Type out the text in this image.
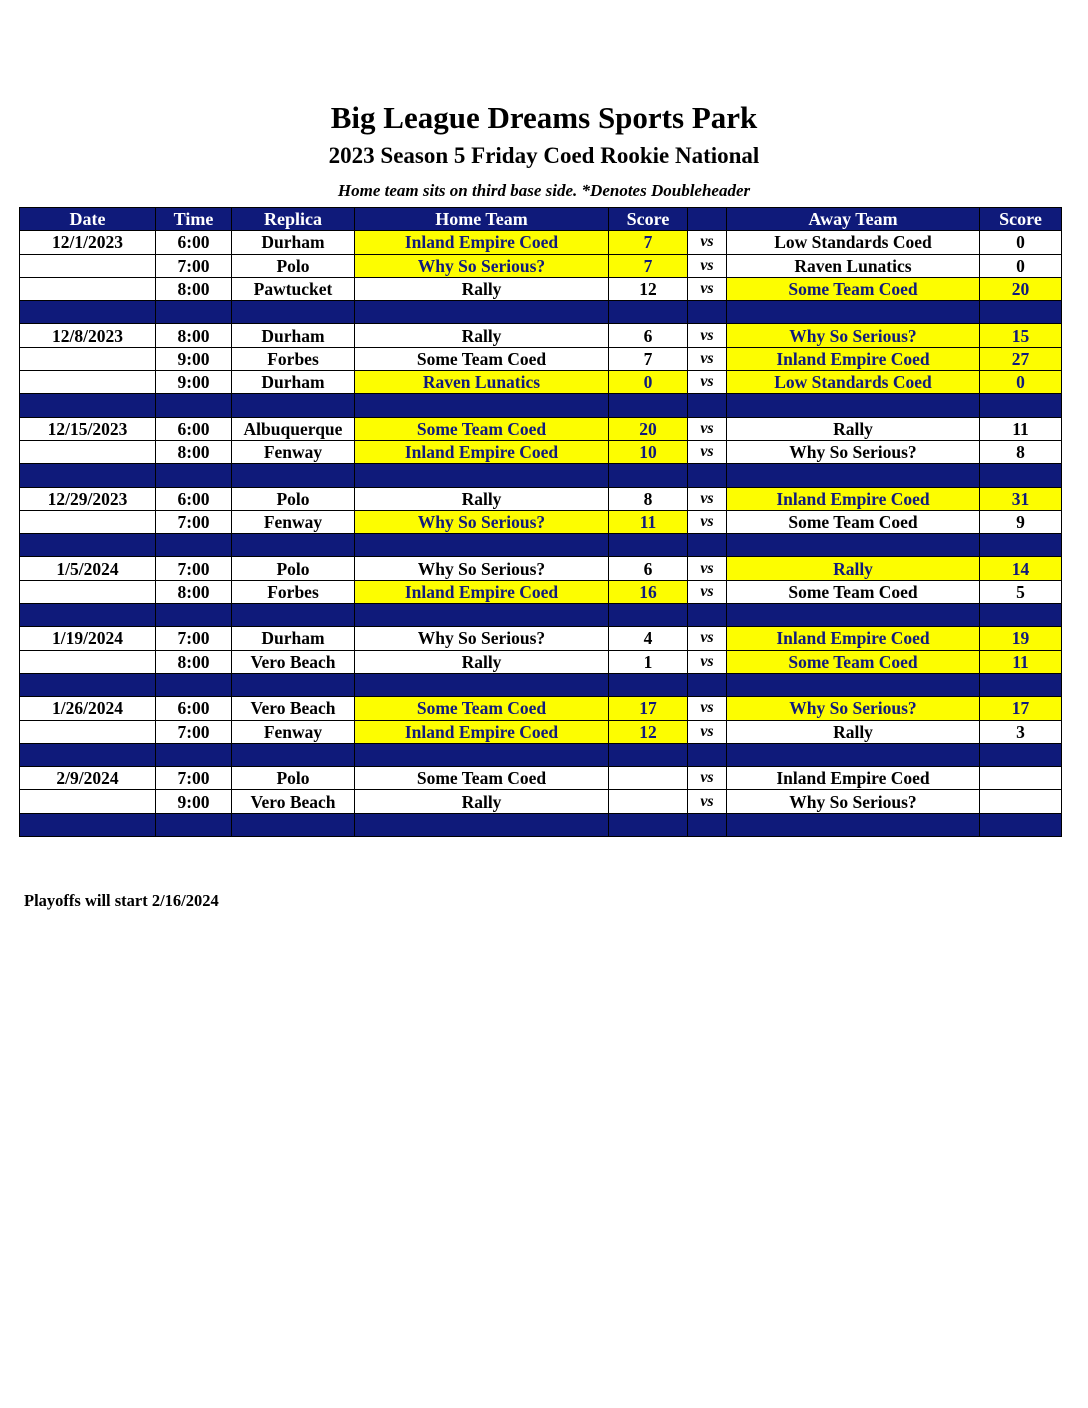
Big League Dreams Sports Park
2023 Season 5 Friday Coed Rookie National
Home team sits on third base side. *Denotes Doubleheader
Date	Time	Replica	Home Team	Score		Away Team	Score
12/1/2023	6:00	Durham	Inland Empire Coed	7	vs	Low Standards Coed	0
	7:00	Polo	Why So Serious?	7	vs	Raven Lunatics	0
	8:00	Pawtucket	Rally	12	vs	Some Team Coed	20

12/8/2023	8:00	Durham	Rally	6	vs	Why So Serious?	15
	9:00	Forbes	Some Team Coed	7	vs	Inland Empire Coed	27
	9:00	Durham	Raven Lunatics	0	vs	Low Standards Coed	0

12/15/2023	6:00	Albuquerque	Some Team Coed	20	vs	Rally	11
	8:00	Fenway	Inland Empire Coed	10	vs	Why So Serious?	8

12/29/2023	6:00	Polo	Rally	8	vs	Inland Empire Coed	31
	7:00	Fenway	Why So Serious?	11	vs	Some Team Coed	9

1/5/2024	7:00	Polo	Why So Serious?	6	vs	Rally	14
	8:00	Forbes	Inland Empire Coed	16	vs	Some Team Coed	5

1/19/2024	7:00	Durham	Why So Serious?	4	vs	Inland Empire Coed	19
	8:00	Vero Beach	Rally	1	vs	Some Team Coed	11

1/26/2024	6:00	Vero Beach	Some Team Coed	17	vs	Why So Serious?	17
	7:00	Fenway	Inland Empire Coed	12	vs	Rally	3

2/9/2024	7:00	Polo	Some Team Coed		vs	Inland Empire Coed	
	9:00	Vero Beach	Rally		vs	Why So Serious?	

Playoffs will start 2/16/2024
